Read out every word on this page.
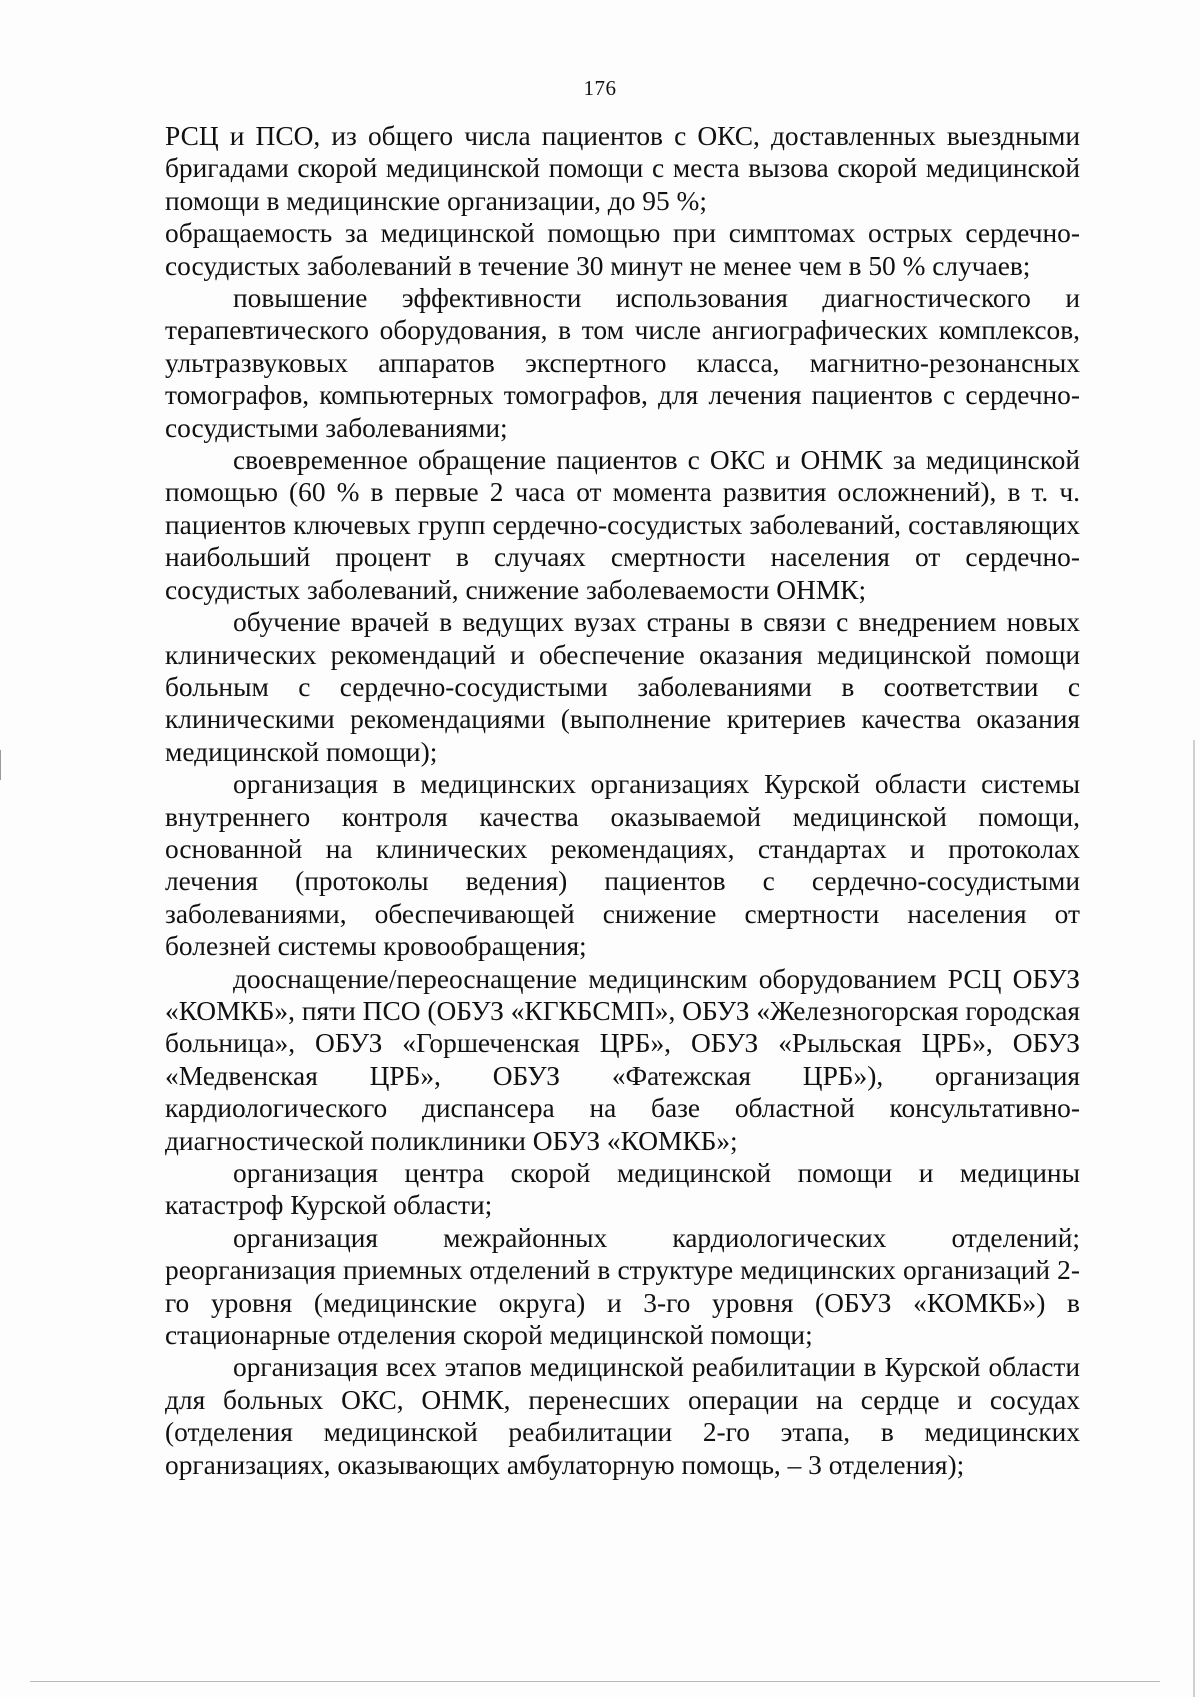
176

РСЦ и ПСО, из общего числа пациентов с ОКС, доставленных выездными бригадами скорой медицинской помощи с места вызова скорой медицинской помощи в медицинские организации, до 95 %;

обращаемость за медицинской помощью при симптомах острых сердечно-сосудистых заболеваний в течение 30 минут не менее чем в 50 % случаев;

повышение эффективности использования диагностического и терапевтического оборудования, в том числе ангиографических комплексов, ультразвуковых аппаратов экспертного класса, магнитно-резонансных томографов, компьютерных томографов, для лечения пациентов с сердечно-сосудистыми заболеваниями;

своевременное обращение пациентов с ОКС и ОНМК за медицинской помощью (60 % в первые 2 часа от момента развития осложнений), в т. ч. пациентов ключевых групп сердечно-сосудистых заболеваний, составляющих наибольший процент в случаях смертности населения от сердечно-сосудистых заболеваний, снижение заболеваемости ОНМК;

обучение врачей в ведущих вузах страны в связи с внедрением новых клинических рекомендаций и обеспечение оказания медицинской помощи больным с сердечно-сосудистыми заболеваниями в соответствии с клиническими рекомендациями (выполнение критериев качества оказания медицинской помощи);

организация в медицинских организациях Курской области системы внутреннего контроля качества оказываемой медицинской помощи, основанной на клинических рекомендациях, стандартах и протоколах лечения (протоколы ведения) пациентов с сердечно-сосудистыми заболеваниями, обеспечивающей снижение смертности населения от болезней системы кровообращения;

дооснащение/переоснащение медицинским оборудованием РСЦ ОБУЗ «КОМКБ», пяти ПСО (ОБУЗ «КГКБСМП», ОБУЗ «Железногорская городская больница», ОБУЗ «Горшеченская ЦРБ», ОБУЗ «Рыльская ЦРБ», ОБУЗ «Медвенская ЦРБ», ОБУЗ «Фатежская ЦРБ»), организация кардиологического диспансера на базе областной консультативно-диагностической поликлиники ОБУЗ «КОМКБ»;

организация центра скорой медицинской помощи и медицины катастроф Курской области;

организация межрайонных кардиологических отделений; реорганизация приемных отделений в структуре медицинских организаций 2-го уровня (медицинские округа) и 3-го уровня (ОБУЗ «КОМКБ») в стационарные отделения скорой медицинской помощи;

организация всех этапов медицинской реабилитации в Курской области для больных ОКС, ОНМК, перенесших операции на сердце и сосудах (отделения медицинской реабилитации 2-го этапа, в медицинских организациях, оказывающих амбулаторную помощь, – 3 отделения);
